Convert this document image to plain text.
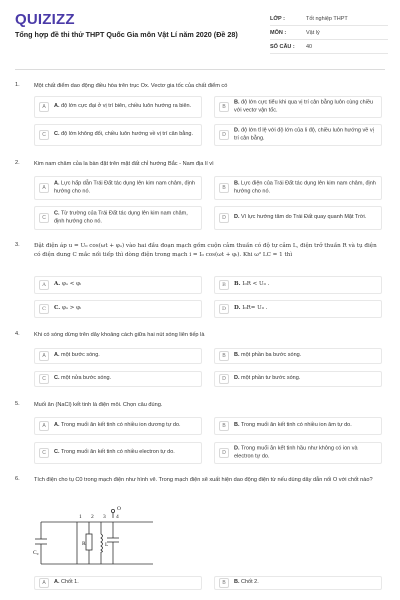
QUIZIZZ
Tổng hợp đề thi thử THPT Quốc Gia môn Vật Lí năm 2020 (Đề 28)
LỚP :	Tốt nghiệp THPT
MÔN :	Vật lý
SỐ CÂU :	40
1.	Một chất điểm dao động điều hòa trên trục Ox. Vectơ gia tốc của chất điểm có
A	A. độ lớn cực đại ở vị trí biên, chiều luôn hướng ra biên.	B
B. độ lớn cực tiểu khi qua vị trí cân bằng luôn cùng chiều với vectơ vận tốc.
C	C. độ lớn không đổi, chiều luôn hướng về vị trí cân bằng.	D
D. độ lớn tỉ lệ với độ lớn của li độ, chiều luôn hướng về vị trí cân bằng.
2.	Kim nam châm của la bàn đặt trên mặt đất chỉ hướng Bắc - Nam địa lí vì
A
A. Lực hấp dẫn Trái Đất tác dụng lên kim nam châm, định hướng cho nó.	B
B. Lực điện của Trái Đất tác dụng lên kim nam châm, định hướng cho nó.
C
C. Từ trường của Trái Đất tác dụng lên kim nam châm, định hướng cho nó.	D	D. Vì lực hướng tâm do Trái Đất quay quanh Mặt Trời.
3.	Đặt điện áp u = U₀ cos(ωt + φᵤ) vào hai đầu đoạn mạch gồm cuộn cảm thuần có độ tự cảm L, điện trở thuần R và tụ điện có điện dung C mắc nối tiếp thì dòng điện trong mạch i = I₀ cos(ωt + φᵢ). Khi ω² LC = 1 thì
A	A. φᵤ < φᵢ	B	B. I₀R < U₀ .
C	C. φᵤ > φᵢ	D	D. I₀R= U₀ .
4.	Khi có sóng dừng trên dây khoảng cách giữa hai nút sóng liên tiếp là
A	A. một bước sóng.	B	B. một phần ba bước sóng.
C	C. một nửa bước sóng.	D	D. một phần tư bước sóng.
5.	Muối ăn (NaCl) kết tinh là điện môi. Chọn câu đúng.
A	A. Trong muối ăn kết tinh có nhiều ion dương tự do.	B	B. Trong muối ăn kết tinh có nhiều ion âm tự do.
C	C. Trong muối ăn kết tinh có nhiều electron tự do.	D
D. Trong muối ăn kết tinh hầu như không có ion và electron tự do.
6.	Tích điện cho tụ C0 trong mạch điện như hình vẽ. Trong mạch điện sẽ xuất hiện dao động điện từ nếu dùng dây dẫn nối O với chốt nào?
O
1 2 3 4
C₀
R	L
A	A. Chốt 1.	B	B. Chốt 2.
